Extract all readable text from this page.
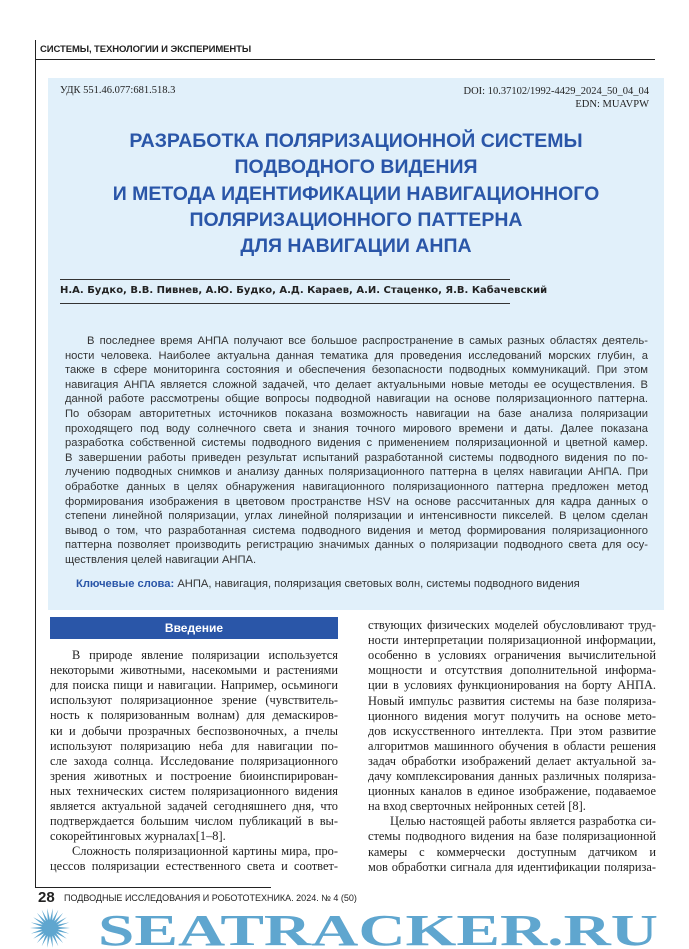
СИСТЕМЫ, ТЕХНОЛОГИИ И ЭКСПЕРИМЕНТЫ
УДК 551.46.077:681.518.3	DOI: 10.37102/1992-4429_2024_50_04_04
EDN: MUAVPW
РАЗРАБОТКА ПОЛЯРИЗАЦИОННОЙ СИСТЕМЫ
ПОДВОДНОГО ВИДЕНИЯ
И МЕТОДА ИДЕНТИФИКАЦИИ НАВИГАЦИОННОГО
ПОЛЯРИЗАЦИОННОГО ПАТТЕРНА
ДЛЯ НАВИГАЦИИ АНПА
Н.А. Будко, В.В. Пивнев, А.Ю. Будко, А.Д. Караев, А.И. Стаценко, Я.В. Кабачевский
В последнее время АНПА получают все большое распространение в самых разных областях деятель-
ности человека. Наиболее актуальна данная тематика для проведения исследований морских глубин, а
также в сфере мониторинга состояния и обеспечения безопасности подводных коммуникаций. При этом
навигация АНПА является сложной задачей, что делает актуальными новые методы ее осуществления. В
данной работе рассмотрены общие вопросы подводной навигации на основе поляризационного паттерна.
По обзорам авторитетных источников показана возможность навигации на базе анализа поляризации
проходящего под воду солнечного света и знания точного мирового времени и даты. Далее показана
разработка собственной системы подводного видения с применением поляризационной и цветной камер.
В завершении работы приведен результат испытаний разработанной системы подводного видения по по-
лучению подводных снимков и анализу данных поляризационного паттерна в целях навигации АНПА. При
обработке данных в целях обнаружения навигационного поляризационного паттерна предложен метод
формирования изображения в цветовом пространстве HSV на основе рассчитанных для кадра данных о
степени линейной поляризации, углах линейной поляризации и интенсивности пикселей. В целом сделан
вывод о том, что разработанная система подводного видения и метод формирования поляризационного
паттерна позволяет производить регистрацию значимых данных о поляризации подводного света для осу-
ществления целей навигации АНПА.
Ключевые слова: АНПА, навигация, поляризация световых волн, системы подводного видения
Введение
В природе явление поляризации используется
некоторыми животными, насекомыми и растениями
для поиска пищи и навигации. Например, осьминоги
используют поляризационное зрение (чувствитель-
ность к поляризованным волнам) для демаскиров-
ки и добычи прозрачных беспозвоночных, а пчелы
используют поляризацию неба для навигации по-
сле захода солнца. Исследование поляризационного
зрения животных и построение биоинспирирован-
ных технических систем поляризационного видения
является актуальной задачей сегодняшнего дня, что
подтверждается большим числом публикаций в вы-
сокорейтинговых журналах[1–8].
Сложность поляризационной картины мира, про-
цессов поляризации естественного света и соответ-
ствующих физических моделей обусловливают труд-
ности интерпретации поляризационной информации,
особенно в условиях ограничения вычислительной
мощности и отсутствия дополнительной информа-
ции в условиях функционирования на борту АНПА.
Новый импульс развития системы на базе поляриза-
ционного видения могут получить на основе мето-
дов искусственного интеллекта. При этом развитие
алгоритмов машинного обучения в области решения
задач обработки изображений делает актуальной за-
дачу комплексирования данных различных поляриза-
ционных каналов в единое изображение, подаваемое
на вход сверточных нейронных сетей [8].
Целью настоящей работы является разработка си-
стемы подводного видения на базе поляризационной
камеры с коммерчески доступным датчиком и
мов обработки сигнала для идентификации поляриза-
28 ПОДВОДНЫЕ ИССЛЕДОВАНИЯ И РОБОТОТЕХНИКА. 2024. № 4 (50)
SEATRACKER.RU
